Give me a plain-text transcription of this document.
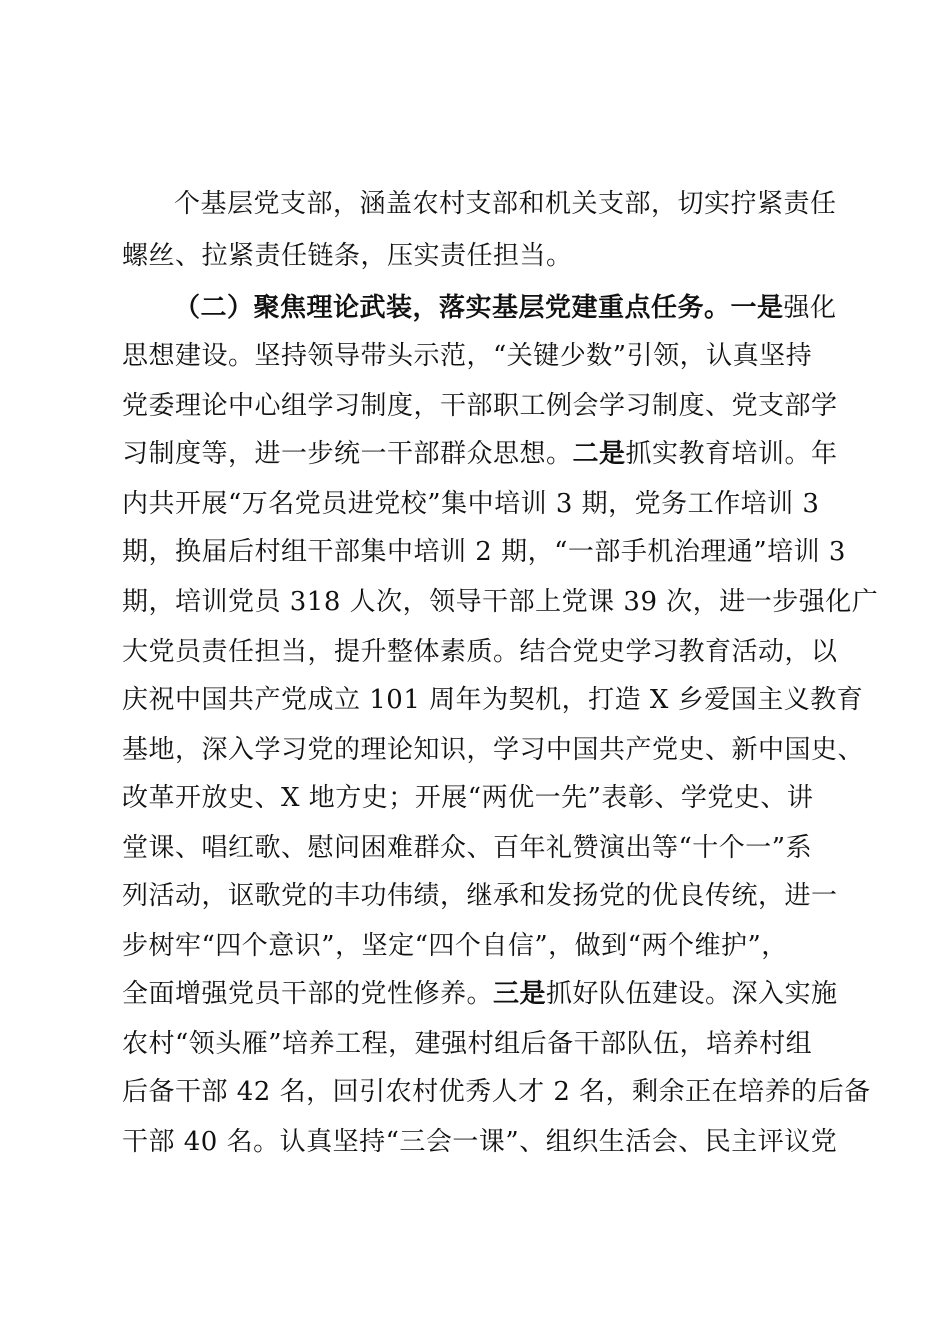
个基层党支部，涵盖农村支部和机关支部，切实拧紧责任
螺丝、拉紧责任链条，压实责任担当。
（二）聚焦理论武装，落实基层党建重点任务。一是强化
思想建设。坚持领导带头示范，“关键少数”引领，认真坚持
党委理论中心组学习制度，干部职工例会学习制度、党支部学
习制度等，进一步统一干部群众思想。二是抓实教育培训。年
内共开展“万名党员进党校”集中培训 3 期，党务工作培训 3
期，换届后村组干部集中培训 2 期，“一部手机治理通”培训 3
期，培训党员 318 人次，领导干部上党课 39 次，进一步强化广
大党员责任担当，提升整体素质。结合党史学习教育活动，以
庆祝中国共产党成立 101 周年为契机，打造 X 乡爱国主义教育
基地，深入学习党的理论知识，学习中国共产党史、新中国史、
改革开放史、X 地方史；开展“两优一先”表彰、学党史、讲
堂课、唱红歌、慰问困难群众、百年礼赞演出等“十个一”系
列活动，讴歌党的丰功伟绩，继承和发扬党的优良传统，进一
步树牢“四个意识”，坚定“四个自信”，做到“两个维护”，
全面增强党员干部的党性修养。三是抓好队伍建设。深入实施
农村“领头雁”培养工程，建强村组后备干部队伍，培养村组
后备干部 42 名，回引农村优秀人才 2 名，剩余正在培养的后备
干部 40 名。认真坚持“三会一课”、组织生活会、民主评议党
